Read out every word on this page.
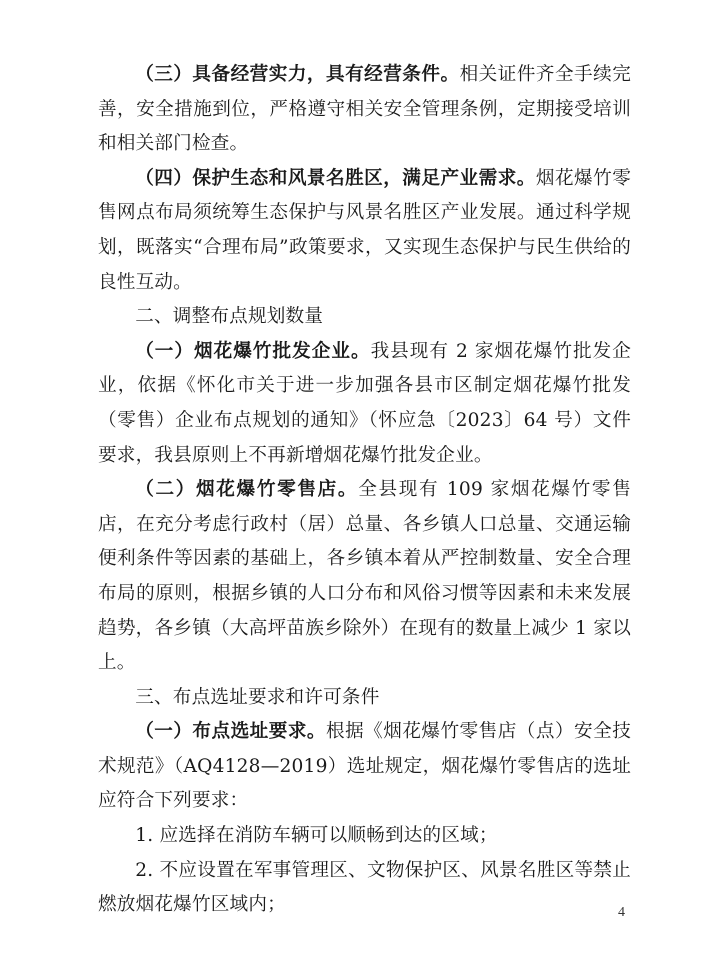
（三）具备经营实力，具有经营条件。相关证件齐全手续完善，安全措施到位，严格遵守相关安全管理条例，定期接受培训和相关部门检查。

（四）保护生态和风景名胜区，满足产业需求。烟花爆竹零售网点布局须统筹生态保护与风景名胜区产业发展。通过科学规划，既落实“合理布局”政策要求，又实现生态保护与民生供给的良性互动。

二、调整布点规划数量

（一）烟花爆竹批发企业。我县现有 2 家烟花爆竹批发企业，依据《怀化市关于进一步加强各县市区制定烟花爆竹批发（零售）企业布点规划的通知》（怀应急〔2023〕64 号）文件要求，我县原则上不再新增烟花爆竹批发企业。

（二）烟花爆竹零售店。全县现有 109 家烟花爆竹零售店，在充分考虑行政村（居）总量、各乡镇人口总量、交通运输便利条件等因素的基础上，各乡镇本着从严控制数量、安全合理布局的原则，根据乡镇的人口分布和风俗习惯等因素和未来发展趋势，各乡镇（大高坪苗族乡除外）在现有的数量上减少 1 家以上。

三、布点选址要求和许可条件

（一）布点选址要求。根据《烟花爆竹零售店（点）安全技术规范》（AQ4128—2019）选址规定，烟花爆竹零售店的选址应符合下列要求：

1. 应选择在消防车辆可以顺畅到达的区域；

2. 不应设置在军事管理区、文物保护区、风景名胜区等禁止燃放烟花爆竹区域内；	4
